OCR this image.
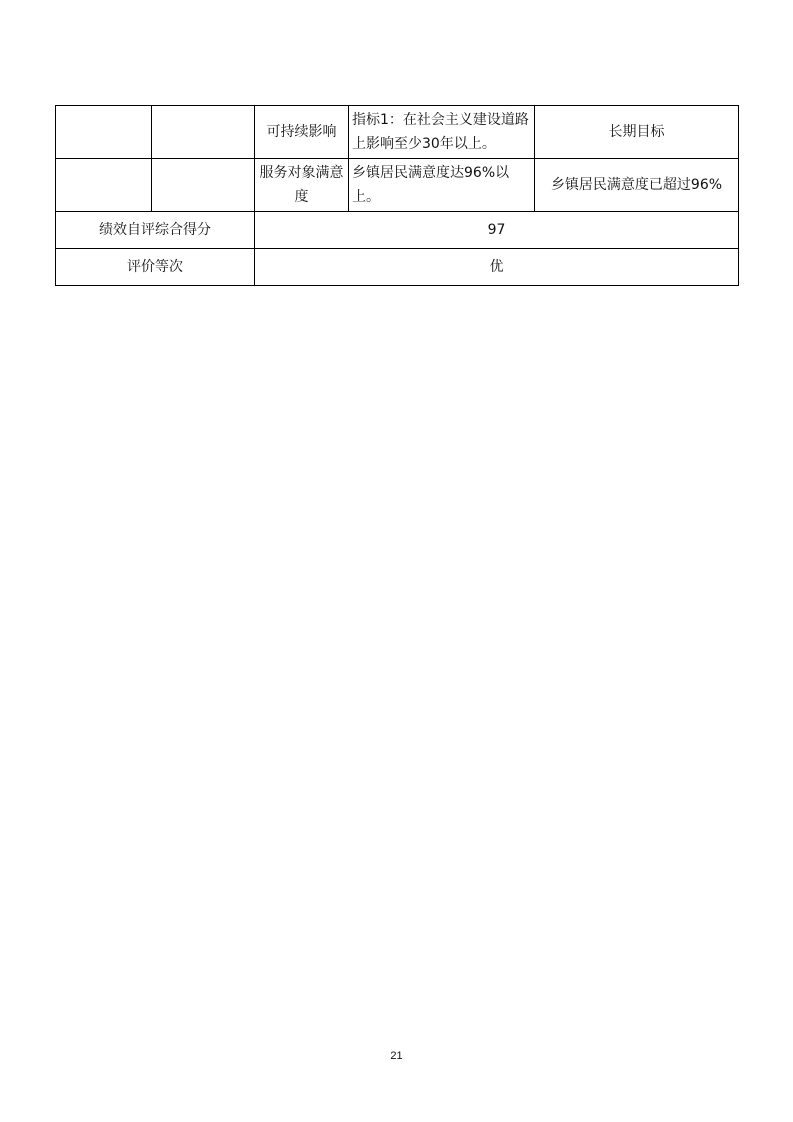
		可持续影响	指标1：在社会主义建设道路上影响至少30年以上。	长期目标
		服务对象满意度	乡镇居民满意度达96%以上。	乡镇居民满意度已超过96%
绩效自评综合得分		97		
评价等次		优		
21
